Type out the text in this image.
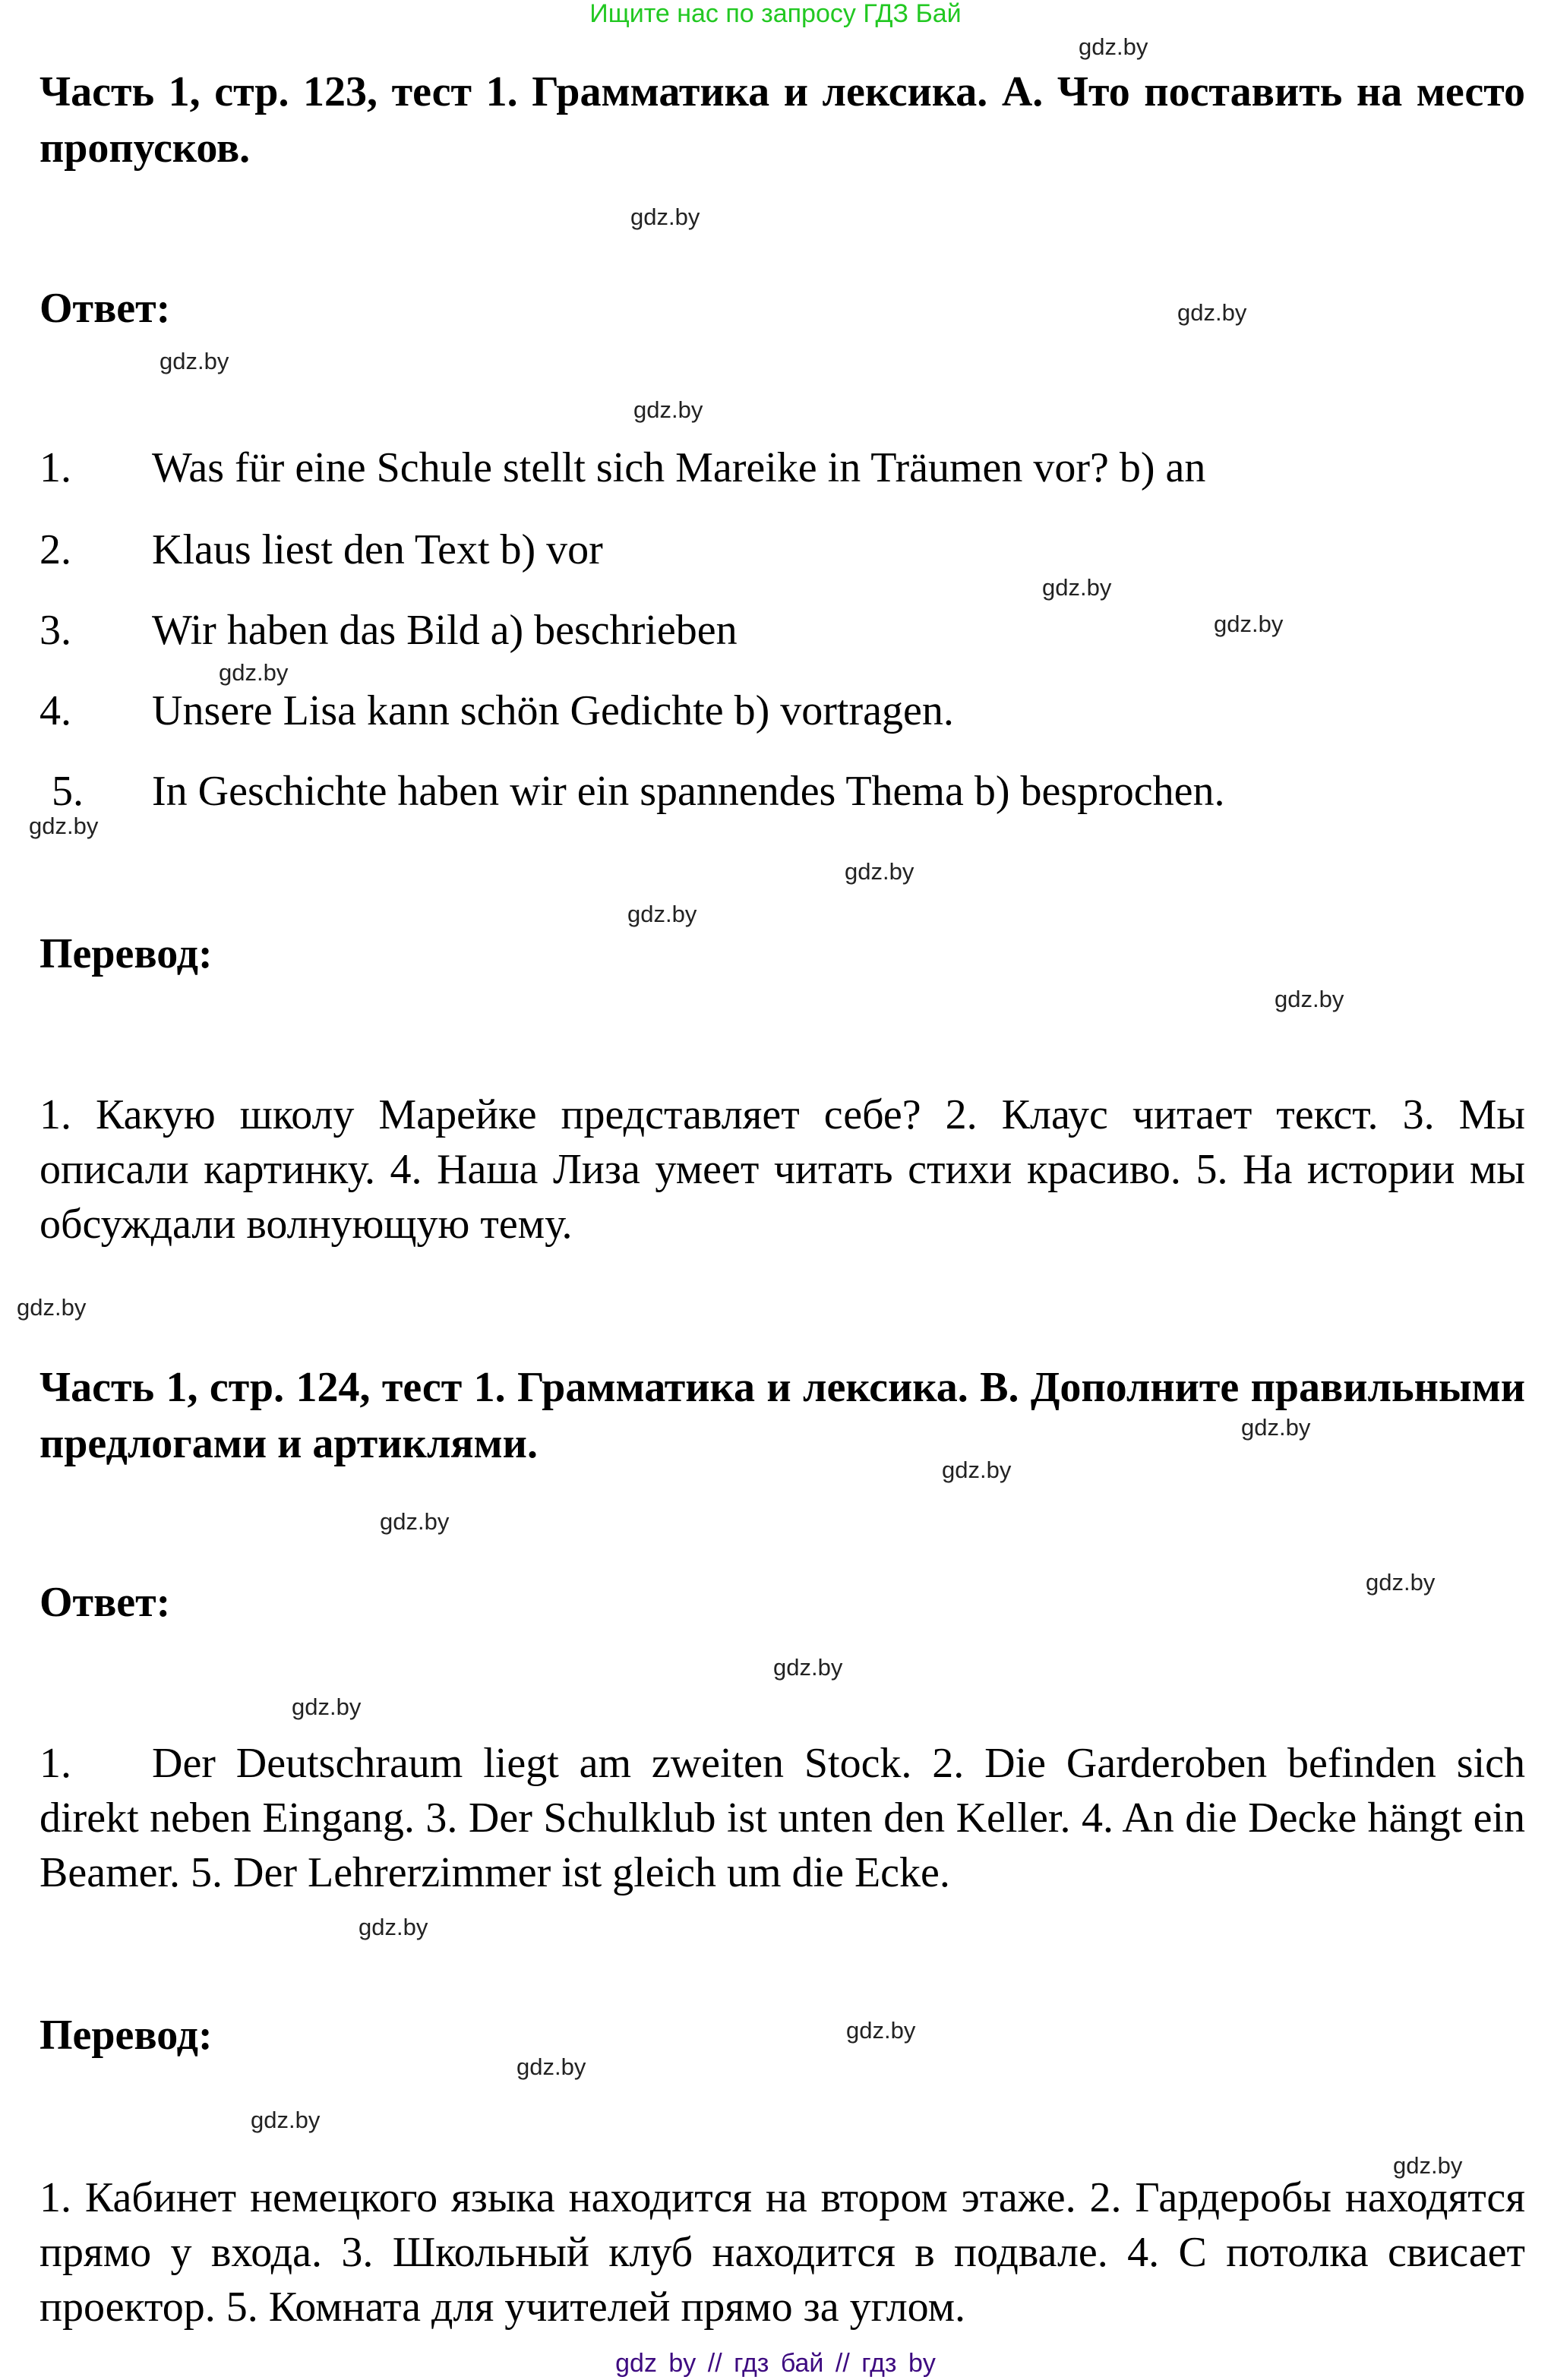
Ищите нас по запросу ГДЗ Бай
Часть 1, стр. 123, тест 1. Грамматика и лексика. A. Что поставить на место пропусков.
Ответ:
1. Was für eine Schule stellt sich Mareike in Träumen vor? b) an
2. Klaus liest den Text b) vor
3. Wir haben das Bild a) beschrieben
4. Unsere Lisa kann schön Gedichte b) vortragen.
5. In Geschichte haben wir ein spannendes Thema b) besprochen.
Перевод:
1. Какую школу Марейке представляет себе? 2. Клаус читает текст. 3. Мы описали картинку. 4. Наша Лиза умеет читать стихи красиво. 5. На истории мы обсуждали волнующую тему.
Часть 1, стр. 124, тест 1. Грамматика и лексика. B. Дополните правильными предлогами и артиклями.
Ответ:
1. Der Deutschraum liegt am zweiten Stock. 2. Die Garderoben befinden sich direkt neben Eingang. 3. Der Schulklub ist unten den Keller. 4. An die Decke hängt ein Beamer. 5. Der Lehrerzimmer ist gleich um die Ecke.
Перевод:
1. Кабинет немецкого языка находится на втором этаже. 2. Гардеробы находятся прямо у входа. 3. Школьный клуб находится в подвале. 4. С потолка свисает проектор. 5. Комната для учителей прямо за углом.
gdz by // гдз бай // гдз by
gdz.by
gdz.by
gdz.by
gdz.by
gdz.by
gdz.by
gdz.by
gdz.by
gdz.by
gdz.by
gdz.by
gdz.by
gdz.by
gdz.by
gdz.by
gdz.by
gdz.by
gdz.by
gdz.by
gdz.by
gdz.by
gdz.by
gdz.by
gdz.by
